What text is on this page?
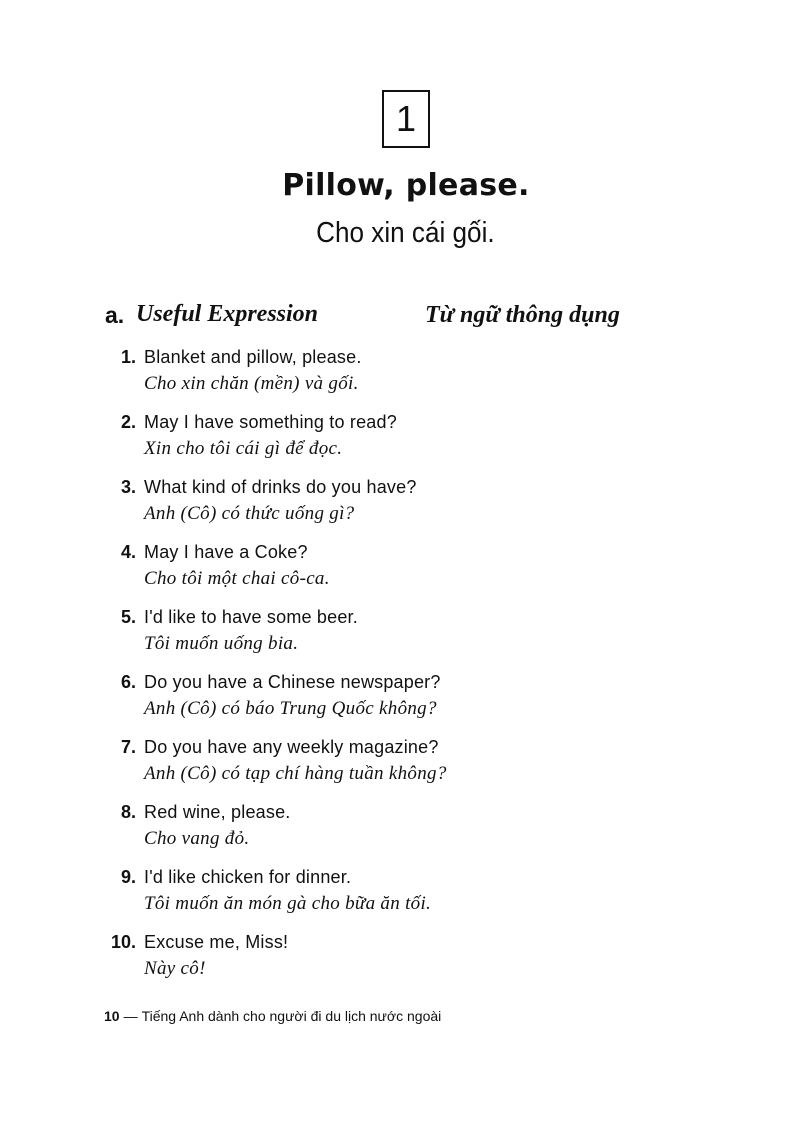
1
Pillow, please.
Cho xin cái gối.
a. Useful Expression	Từ ngữ thông dụng
1. Blanket and pillow, please.
Cho xin chăn (mền) và gối.
2. May I have something to read?
Xin cho tôi cái gì để đọc.
3. What kind of drinks do you have?
Anh (Cô) có thức uống gì?
4. May I have a Coke?
Cho tôi một chai cô-ca.
5. I'd like to have some beer.
Tôi muốn uống bia.
6. Do you have a Chinese newspaper?
Anh (Cô) có báo Trung Quốc không?
7. Do you have any weekly magazine?
Anh (Cô) có tạp chí hàng tuần không?
8. Red wine, please.
Cho vang đỏ.
9. I'd like chicken for dinner.
Tôi muốn ăn món gà cho bữa ăn tối.
10. Excuse me, Miss!
Này cô!
10 — Tiếng Anh dành cho người đi du lịch nước ngoài
